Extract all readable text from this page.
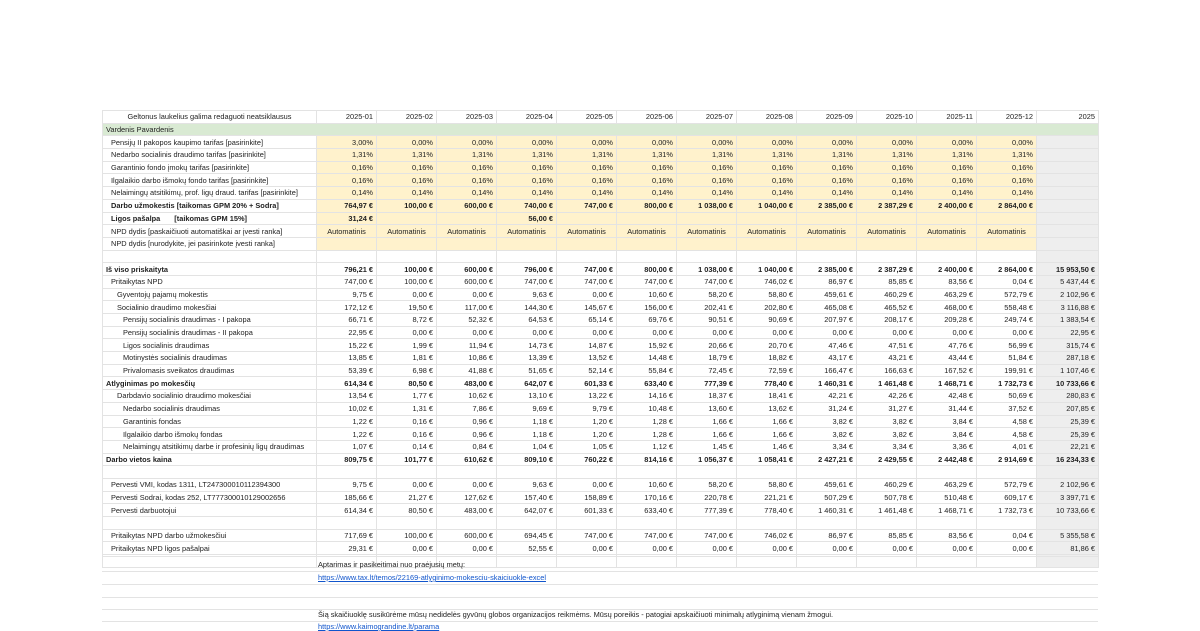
Geltonus laukelius galima redaguoti neatsiklausus	2025-01	2025-02	2025-03	2025-04	2025-05	2025-06	2025-07	2025-08	2025-09	2025-10	2025-11	2025-12	2025
Vardenis Pavardenis													
Pensijų II pakopos kaupimo tarifas [pasirinkite]	3,00%	0,00%	0,00%	0,00%	0,00%	0,00%	0,00%	0,00%	0,00%	0,00%	0,00%	0,00%	
Nedarbo socialinis draudimo tarifas [pasirinkite]	1,31%	1,31%	1,31%	1,31%	1,31%	1,31%	1,31%	1,31%	1,31%	1,31%	1,31%	1,31%	
Garantinio fondo įmokų tarifas [pasirinkite]	0,16%	0,16%	0,16%	0,16%	0,16%	0,16%	0,16%	0,16%	0,16%	0,16%	0,16%	0,16%	
Ilgalaikio darbo išmokų fondo tarifas [pasirinkite]	0,16%	0,16%	0,16%	0,16%	0,16%	0,16%	0,16%	0,16%	0,16%	0,16%	0,16%	0,16%	
Nelaimingų atsitikimų, prof. ligų draud. tarifas [pasirinkite]	0,14%	0,14%	0,14%	0,14%	0,14%	0,14%	0,14%	0,14%	0,14%	0,14%	0,14%	0,14%	
Darbo užmokestis [taikomas GPM 20% + Sodra]	764,97 €	100,00 €	600,00 €	740,00 €	747,00 €	800,00 €	1 038,00 €	1 040,00 €	2 385,00 €	2 387,29 €	2 400,00 €	2 864,00 €	
Ligos pašalpa [taikomas GPM 15%]	31,24 €			56,00 €									
NPD dydis [paskaičiuoti automatiškai ar įvesti ranka]	Automatinis	Automatinis	Automatinis	Automatinis	Automatinis	Automatinis	Automatinis	Automatinis	Automatinis	Automatinis	Automatinis	Automatinis	
NPD dydis [nurodykite, jei pasirinkote įvesti ranka]													

Iš viso priskaityta	796,21 €	100,00 €	600,00 €	796,00 €	747,00 €	800,00 €	1 038,00 €	1 040,00 €	2 385,00 €	2 387,29 €	2 400,00 €	2 864,00 €	15 953,50 €
Pritaikytas NPD	747,00 €	100,00 €	600,00 €	747,00 €	747,00 €	747,00 €	747,00 €	746,02 €	86,97 €	85,85 €	83,56 €	0,04 €	5 437,44 €
Gyventojų pajamų mokestis	9,75 €	0,00 €	0,00 €	9,63 €	0,00 €	10,60 €	58,20 €	58,80 €	459,61 €	460,29 €	463,29 €	572,79 €	2 102,96 €
Socialinio draudimo mokesčiai	172,12 €	19,50 €	117,00 €	144,30 €	145,67 €	156,00 €	202,41 €	202,80 €	465,08 €	465,52 €	468,00 €	558,48 €	3 116,88 €
Pensijų socialinis draudimas - I pakopa	66,71 €	8,72 €	52,32 €	64,53 €	65,14 €	69,76 €	90,51 €	90,69 €	207,97 €	208,17 €	209,28 €	249,74 €	1 383,54 €
Pensijų socialinis draudimas - II pakopa	22,95 €	0,00 €	0,00 €	0,00 €	0,00 €	0,00 €	0,00 €	0,00 €	0,00 €	0,00 €	0,00 €	0,00 €	22,95 €
Ligos socialinis draudimas	15,22 €	1,99 €	11,94 €	14,73 €	14,87 €	15,92 €	20,66 €	20,70 €	47,46 €	47,51 €	47,76 €	56,99 €	315,74 €
Motinystės socialinis draudimas	13,85 €	1,81 €	10,86 €	13,39 €	13,52 €	14,48 €	18,79 €	18,82 €	43,17 €	43,21 €	43,44 €	51,84 €	287,18 €
Privalomasis sveikatos draudimas	53,39 €	6,98 €	41,88 €	51,65 €	52,14 €	55,84 €	72,45 €	72,59 €	166,47 €	166,63 €	167,52 €	199,91 €	1 107,46 €
Atlyginimas po mokesčių	614,34 €	80,50 €	483,00 €	642,07 €	601,33 €	633,40 €	777,39 €	778,40 €	1 460,31 €	1 461,48 €	1 468,71 €	1 732,73 €	10 733,66 €
Darbdavio socialinio draudimo mokesčiai	13,54 €	1,77 €	10,62 €	13,10 €	13,22 €	14,16 €	18,37 €	18,41 €	42,21 €	42,26 €	42,48 €	50,69 €	280,83 €
Nedarbo socialinis draudimas	10,02 €	1,31 €	7,86 €	9,69 €	9,79 €	10,48 €	13,60 €	13,62 €	31,24 €	31,27 €	31,44 €	37,52 €	207,85 €
Garantinis fondas	1,22 €	0,16 €	0,96 €	1,18 €	1,20 €	1,28 €	1,66 €	1,66 €	3,82 €	3,82 €	3,84 €	4,58 €	25,39 €
Ilgalaikio darbo išmokų fondas	1,22 €	0,16 €	0,96 €	1,18 €	1,20 €	1,28 €	1,66 €	1,66 €	3,82 €	3,82 €	3,84 €	4,58 €	25,39 €
Nelaimingų atsitikimų darbe ir profesinių ligų draudimas	1,07 €	0,14 €	0,84 €	1,04 €	1,05 €	1,12 €	1,45 €	1,46 €	3,34 €	3,34 €	3,36 €	4,01 €	22,21 €
Darbo vietos kaina	809,75 €	101,77 €	610,62 €	809,10 €	760,22 €	814,16 €	1 056,37 €	1 058,41 €	2 427,21 €	2 429,55 €	2 442,48 €	2 914,69 €	16 234,33 €

Pervesti VMI, kodas 1311, LT247300010112394300	9,75 €	0,00 €	0,00 €	9,63 €	0,00 €	10,60 €	58,20 €	58,80 €	459,61 €	460,29 €	463,29 €	572,79 €	2 102,96 €
Pervesti Sodrai, kodas 252, LT777300010129002656	185,66 €	21,27 €	127,62 €	157,40 €	158,89 €	170,16 €	220,78 €	221,21 €	507,29 €	507,78 €	510,48 €	609,17 €	3 397,71 €
Pervesti darbuotojui	614,34 €	80,50 €	483,00 €	642,07 €	601,33 €	633,40 €	777,39 €	778,40 €	1 460,31 €	1 461,48 €	1 468,71 €	1 732,73 €	10 733,66 €

Pritaikytas NPD darbo užmokesčiui	717,69 €	100,00 €	600,00 €	694,45 €	747,00 €	747,00 €	747,00 €	746,02 €	86,97 €	85,85 €	83,56 €	0,04 €	5 355,58 €
Pritaikytas NPD ligos pašalpai	29,31 €	0,00 €	0,00 €	52,55 €	0,00 €	0,00 €	0,00 €	0,00 €	0,00 €	0,00 €	0,00 €	0,00 €	81,86 €

Aptarimas ir pasikeitimai nuo praėjusių metų:
https://www.tax.lt/temos/22169-atlyginimo-mokesciu-skaiciuokle-excel
Šią skaičiuoklę susikūrėme mūsų nedidelės gyvūnų globos organizacijos reikmėms. Mūsų poreikis - patogiai apskaičiuoti minimalų atlyginimą vienam žmogui.
https://www.kaimograndine.lt/parama
